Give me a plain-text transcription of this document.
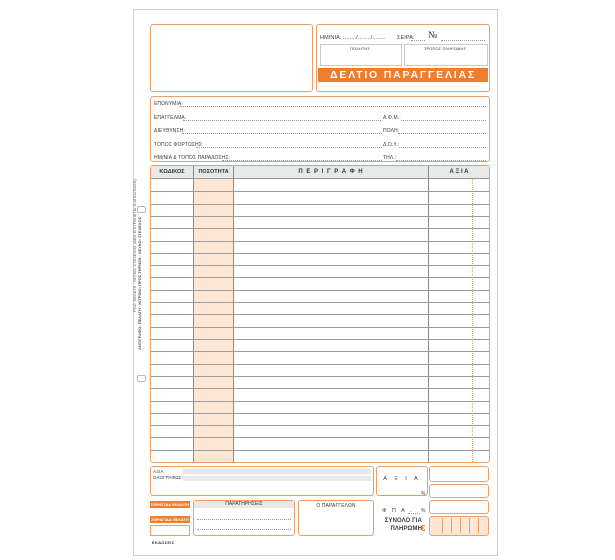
ΡΟΖ: ΠΕΛΑΤΗ · ΛΕΥΚΟ: ΣΤΕΛΕΧΟΣ (ΔΕΝ ΕΠΙΤΡΕΠΕΤΑΙ Η ΑΠΟΣΠΑΣΗ) ΑΝΤΙΓΡΑΦΟ: ΠΕΛΑΤΗ · ΚΙΤΡΙΝΟ: ΠΡΟΣ ΤΗΡΗΣΗ · ΛΕΥΚΟ: ΣΤΕΛΕΧΟΣ
ΗΜ/ΝΙΑ: ......../......../........ ΣΕΙΡΑ: №
ΠΩΛΗΤΗΣ	ΤΡΟΠΟΣ ΠΛΗΡΩΜΗΣ
ΔΕΛΤΙΟ ΠΑΡΑΓΓΕΛΙΑΣ
ΕΠΩΝΥΜΙΑ:
ΕΠΑΓΓΕΛΜΑ:	Α.Φ.Μ.:
ΔΙΕΥΘΥΝΣΗ:	ΠΟΛΗ:
ΤΟΠΟΣ ΦΟΡΤΩΣΗΣ:	Δ.Ο.Υ.:
ΗΜ/ΝΙΑ & ΤΟΠΟΣ ΠΑΡΑΔΟΣΗΣ:	ΤΗΛ.:
ΚΩΔΙΚΟΣ	ΠΟΣΟΤΗΤΑ	Π Ε Ρ Ι Γ Ρ Α Φ Η	Α Ξ Ι Α
ΑΞΙΑ ΟΛΟΓΡΑΦΩΣ:	Α Ξ Ι Α
%
Φ Π Α . %
ΣΥΝΟΛΟ ΓΙΑ ΠΛΗΡΩΜΗ €
ΣΦΡΑΓΙΔΑ ΕΚΔΟΤΗ
ΣΦΡΑΓΙΔΑ ΠΕΛΑΤΗ
ΕΚΔΟΣΕΙΣ
ΠΑΡΑΤΗΡΗΣΕΙΣ	Ο ΠΑΡΑΓΓΕΛΩΝ
